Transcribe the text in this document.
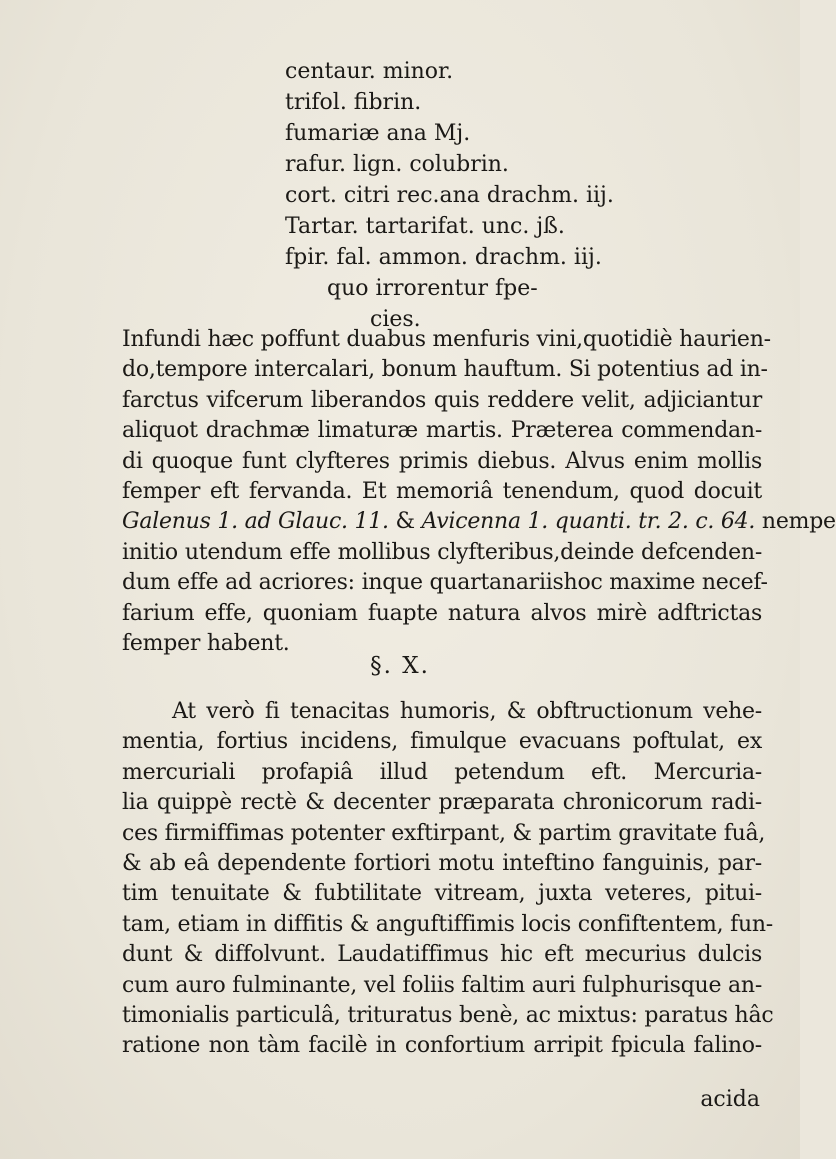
centaur. minor.
trifol. fibrin.
fumariæ ana Mj.
rafur. lign. colubrin.
cort. citri rec.ana drachm. iij.
Tartar. tartarifat. unc. jß.
fpir. fal. ammon. drachm. iij.
quo irrorentur fpe-
cies.
Infundi hæc poffunt duabus menfuris vini,quotidiè haurien-
do,tempore intercalari, bonum hauftum. Si potentius ad in-
farctus vifcerum liberandos quis reddere velit, adjiciantur
aliquot drachmæ limaturæ martis. Præterea commendan-
di quoque funt clyfteres primis diebus. Alvus enim mollis
femper eft fervanda. Et memoriâ tenendum, quod docuit
Galenus 1. ad Glauc. 11. & Avicenna 1. quanti. tr. 2. c. 64. nempe
initio utendum effe mollibus clyfteribus,deinde defcenden-
dum effe ad acriores: inque quartanariishoc maxime necef-
farium effe, quoniam fuapte natura alvos mirè adftrictas
femper habent.
§. X.
At verò fi tenacitas humoris, & obftructionum vehe-
mentia, fortius incidens, fimulque evacuans poftulat, ex
mercuriali profapiâ illud petendum eft. Mercuria-
lia quippè rectè & decenter præparata chronicorum radi-
ces firmiffimas potenter exftirpant, & partim gravitate fuâ,
& ab eâ dependente fortiori motu inteftino fanguinis, par-
tim tenuitate & fubtilitate vitream, juxta veteres, pitui-
tam, etiam in diffitis & anguftiffimis locis confiftentem, fun-
dunt & diffolvunt. Laudatiffimus hic eft mecurius dulcis
cum auro fulminante, vel foliis faltim auri fulphurisque an-
timonialis particulâ, trituratus benè, ac mixtus: paratus hâc
ratione non tàm facilè in confortium arripit fpicula falino-
acida
